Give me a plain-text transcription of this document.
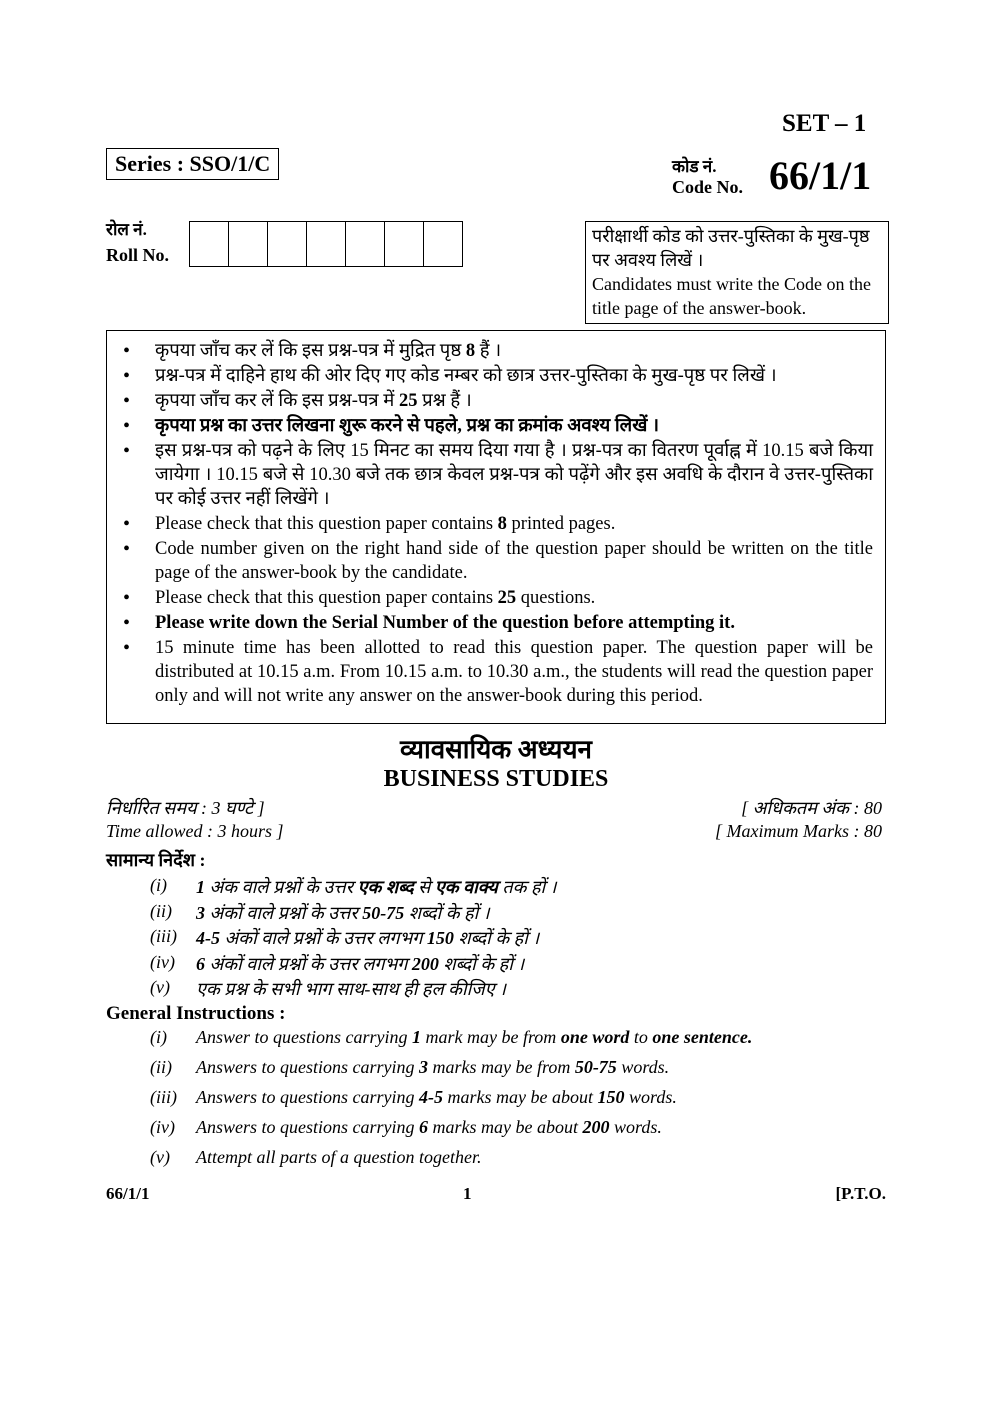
SET – 1
Series : SSO/1/C	कोड नं.
Code No. 66/1/1
रोल नं.
Roll No.
परीक्षार्थी कोड को उत्तर-पुस्तिका के मुख-पृष्ठ पर अवश्य लिखें ।
Candidates must write the Code on the title page of the answer-book.
• कृपया जाँच कर लें कि इस प्रश्न-पत्र में मुद्रित पृष्ठ 8 हैं ।
• प्रश्न-पत्र में दाहिने हाथ की ओर दिए गए कोड नम्बर को छात्र उत्तर-पुस्तिका के मुख-पृष्ठ पर लिखें ।
• कृपया जाँच कर लें कि इस प्रश्न-पत्र में 25 प्रश्न हैं ।
• कृपया प्रश्न का उत्तर लिखना शुरू करने से पहले, प्रश्न का क्रमांक अवश्य लिखें ।
• इस प्रश्न-पत्र को पढ़ने के लिए 15 मिनट का समय दिया गया है । प्रश्न-पत्र का वितरण पूर्वाह्न में 10.15 बजे किया जायेगा । 10.15 बजे से 10.30 बजे तक छात्र केवल प्रश्न-पत्र को पढ़ेंगे और इस अवधि के दौरान वे उत्तर-पुस्तिका पर कोई उत्तर नहीं लिखेंगे ।
• Please check that this question paper contains 8 printed pages.
• Code number given on the right hand side of the question paper should be written on the title page of the answer-book by the candidate.
• Please check that this question paper contains 25 questions.
• Please write down the Serial Number of the question before attempting it.
• 15 minute time has been allotted to read this question paper. The question paper will be distributed at 10.15 a.m. From 10.15 a.m. to 10.30 a.m., the students will read the question paper only and will not write any answer on the answer-book during this period.
व्यावसायिक अध्ययन
BUSINESS STUDIES
निर्धारित समय : 3 घण्टे ]
Time allowed : 3 hours ]
[ अधिकतम अंक : 80
[ Maximum Marks : 80
सामान्य निर्देश :
(i)	1 अंक वाले प्रश्नों के उत्तर एक शब्द से एक वाक्य तक हों ।
(ii)	3 अंकों वाले प्रश्नों के उत्तर 50-75 शब्दों के हों ।
(iii)	4-5 अंकों वाले प्रश्नों के उत्तर लगभग 150 शब्दों के हों ।
(iv)	6 अंकों वाले प्रश्नों के उत्तर लगभग 200 शब्दों के हों ।
(v)	एक प्रश्न के सभी भाग साथ-साथ ही हल कीजिए ।
General Instructions :
(i)	Answer to questions carrying 1 mark may be from one word to one sentence.
(ii)	Answers to questions carrying 3 marks may be from 50-75 words.
(iii)	Answers to questions carrying 4-5 marks may be about 150 words.
(iv)	Answers to questions carrying 6 marks may be about 200 words.
(v)	Attempt all parts of a question together.
66/1/1	1	[P.T.O.
